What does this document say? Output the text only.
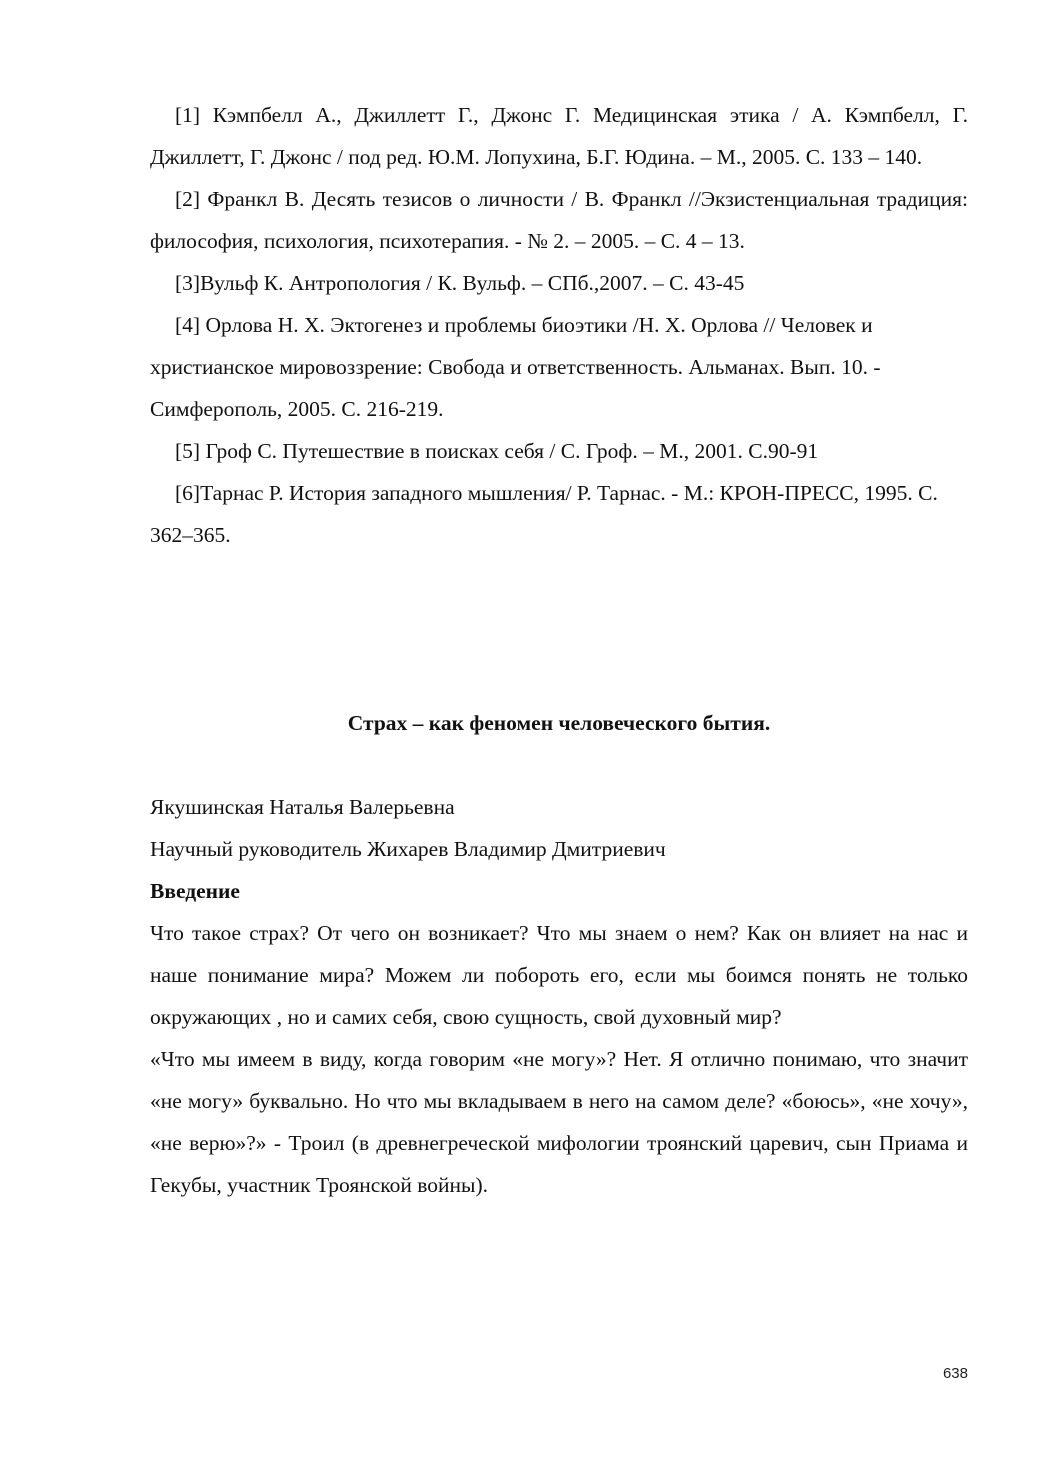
[1] Кэмпбелл А., Джиллетт Г., Джонс Г. Медицинская этика / А. Кэмпбелл, Г. Джиллетт, Г. Джонс / под ред. Ю.М. Лопухина, Б.Г. Юдина. – М., 2005. С. 133 – 140.

[2] Франкл В. Десять тезисов о личности / В. Франкл //Экзистенциальная традиция: философия, психология, психотерапия. - № 2. – 2005. – С. 4 – 13.

[3]Вульф К. Антропология / К. Вульф. – СПб.,2007. – С. 43-45

[4] Орлова Н. Х. Эктогенез и проблемы биоэтики /Н. Х. Орлова // Человек и христианское мировоззрение: Свобода и ответственность. Альманах. Вып. 10. - Симферополь, 2005. С. 216-219.

[5] Гроф С. Путешествие в поисках себя / С. Гроф. – М., 2001. С.90-91

[6]Тарнас Р. История западного мышления/ Р. Тарнас. - М.: КРОН-ПРЕСС, 1995. С. 362–365.

Страх – как феномен человеческого бытия.

Якушинская Наталья Валерьевна

Научный руководитель Жихарев Владимир Дмитриевич

Введение

Что такое страх? От чего он возникает? Что мы знаем о нем? Как он влияет на нас и наше понимание мира? Можем ли побороть его, если мы боимся понять не только окружающих , но и самих себя, свою сущность, свой духовный мир?

«Что мы имеем в виду, когда говорим «не могу»? Нет. Я отлично понимаю, что значит «не могу» буквально. Но что мы вкладываем в него на самом деле? «боюсь», «не хочу», «не верю»?» - Троил (в древнегреческой мифологии троянский царевич, сын Приама и Гекубы, участник Троянской войны).

638
